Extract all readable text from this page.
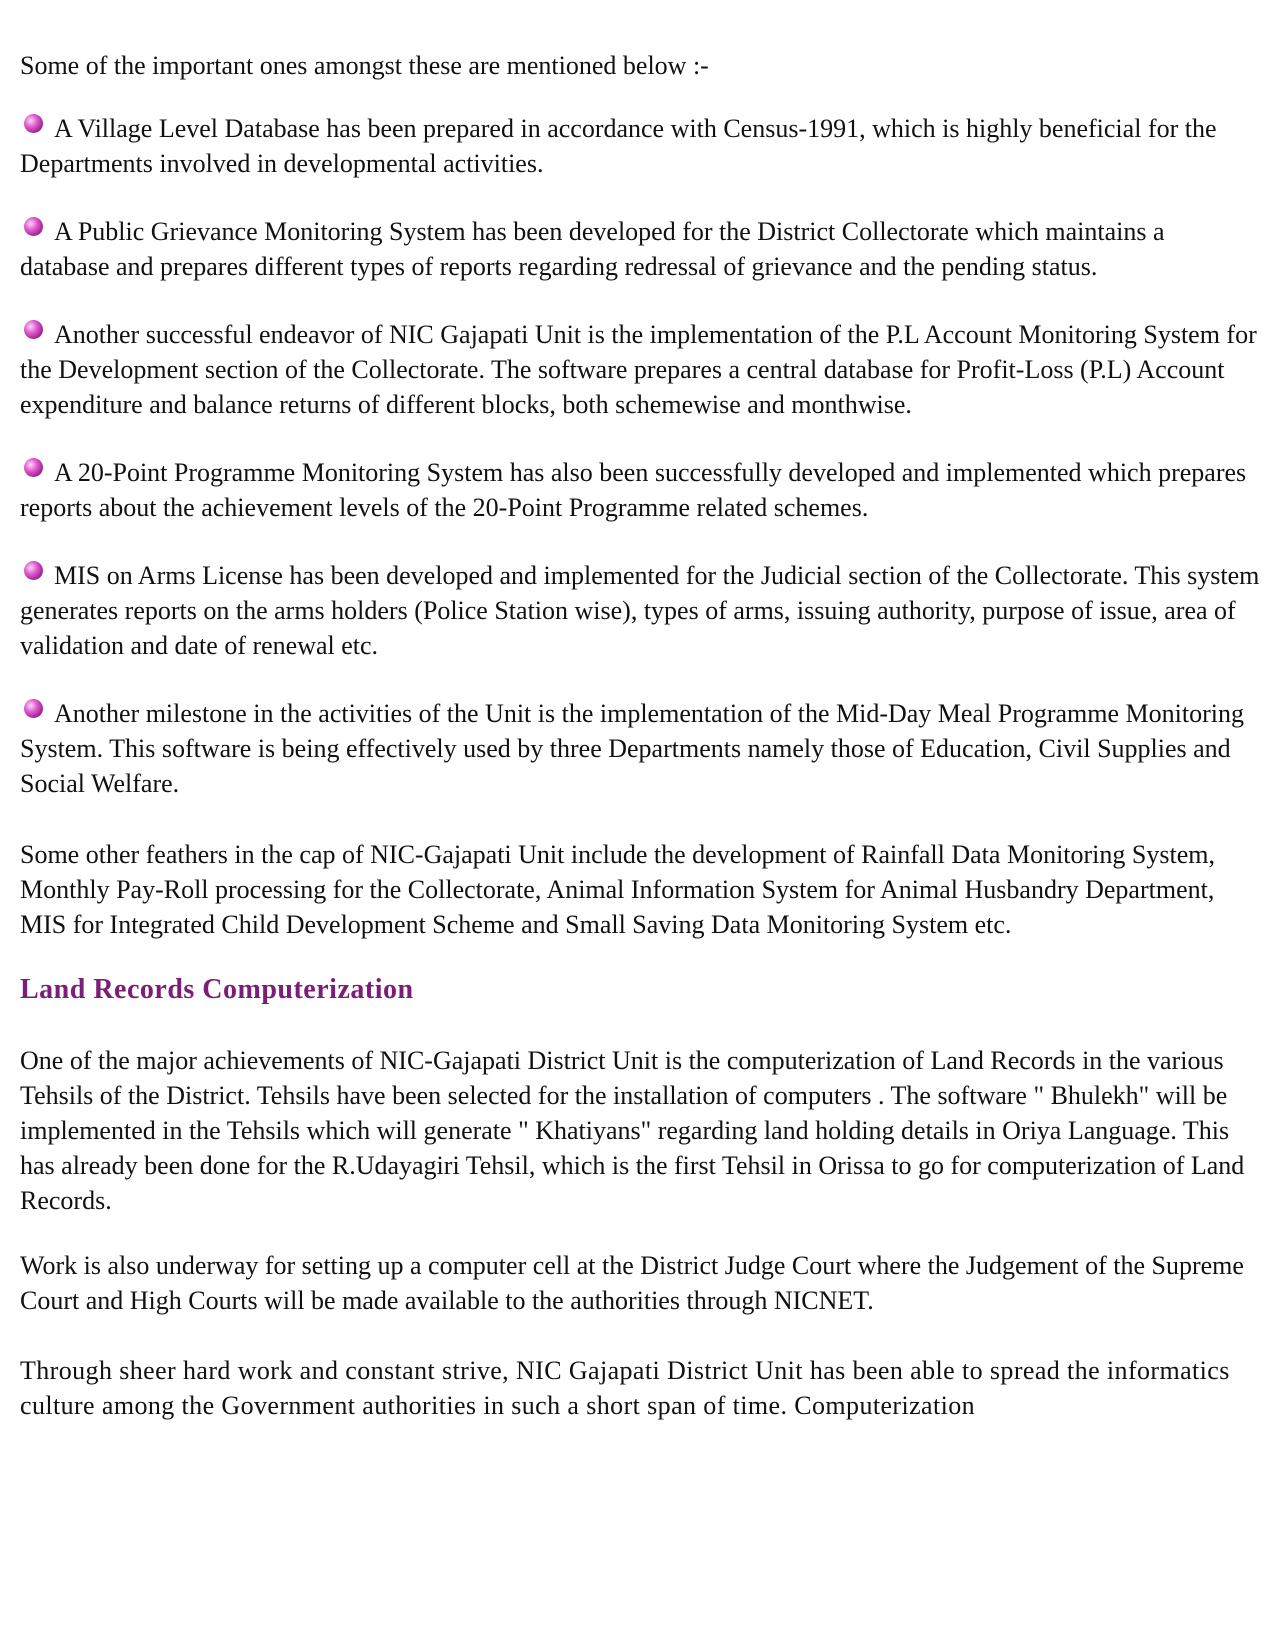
Some of the important ones amongst these are mentioned below :-

A Village Level Database has been prepared in accordance with Census-1991, which is highly beneficial for the Departments involved in developmental activities.
A Public Grievance Monitoring System has been developed for the District Collectorate which maintains a database and prepares different types of reports regarding redressal of grievance and the pending status.
Another successful endeavor of NIC Gajapati Unit is the implementation of the P.L Account Monitoring System for the Development section of the Collectorate. The software prepares a central database for Profit-Loss (P.L) Account expenditure and balance returns of different blocks, both schemewise and monthwise.
A 20-Point Programme Monitoring System has also been successfully developed and implemented which prepares reports about the achievement levels of the 20-Point Programme related schemes.
MIS on Arms License has been developed and implemented for the Judicial section of the Collectorate. This system generates reports on the arms holders (Police Station wise), types of arms, issuing authority, purpose of issue, area of validation and date of renewal etc.
Another milestone in the activities of the Unit is the implementation of the Mid-Day Meal Programme Monitoring System. This software is being effectively used by three Departments namely those of Education, Civil Supplies and Social Welfare.

Some other feathers in the cap of NIC-Gajapati Unit include the development of Rainfall Data Monitoring System, Monthly Pay-Roll processing for the Collectorate, Animal Information System for Animal Husbandry Department, MIS for Integrated Child Development Scheme and Small Saving Data Monitoring System etc.

Land Records Computerization

One of the major achievements of NIC-Gajapati District Unit is the computerization of Land Records in the various Tehsils of the District. Tehsils have been selected for the installation of computers . The software " Bhulekh" will be implemented in the Tehsils which will generate " Khatiyans" regarding land holding details in Oriya Language. This has already been done for the R.Udayagiri Tehsil, which is the first Tehsil in Orissa to go for computerization of Land Records.

Work is also underway for setting up a computer cell at the District Judge Court where the Judgement of the Supreme Court and High Courts will be made available to the authorities through NICNET.

Through sheer hard work and constant strive, NIC Gajapati District Unit has been able to spread the informatics culture among the Government authorities in such a short span of time. Computerization
